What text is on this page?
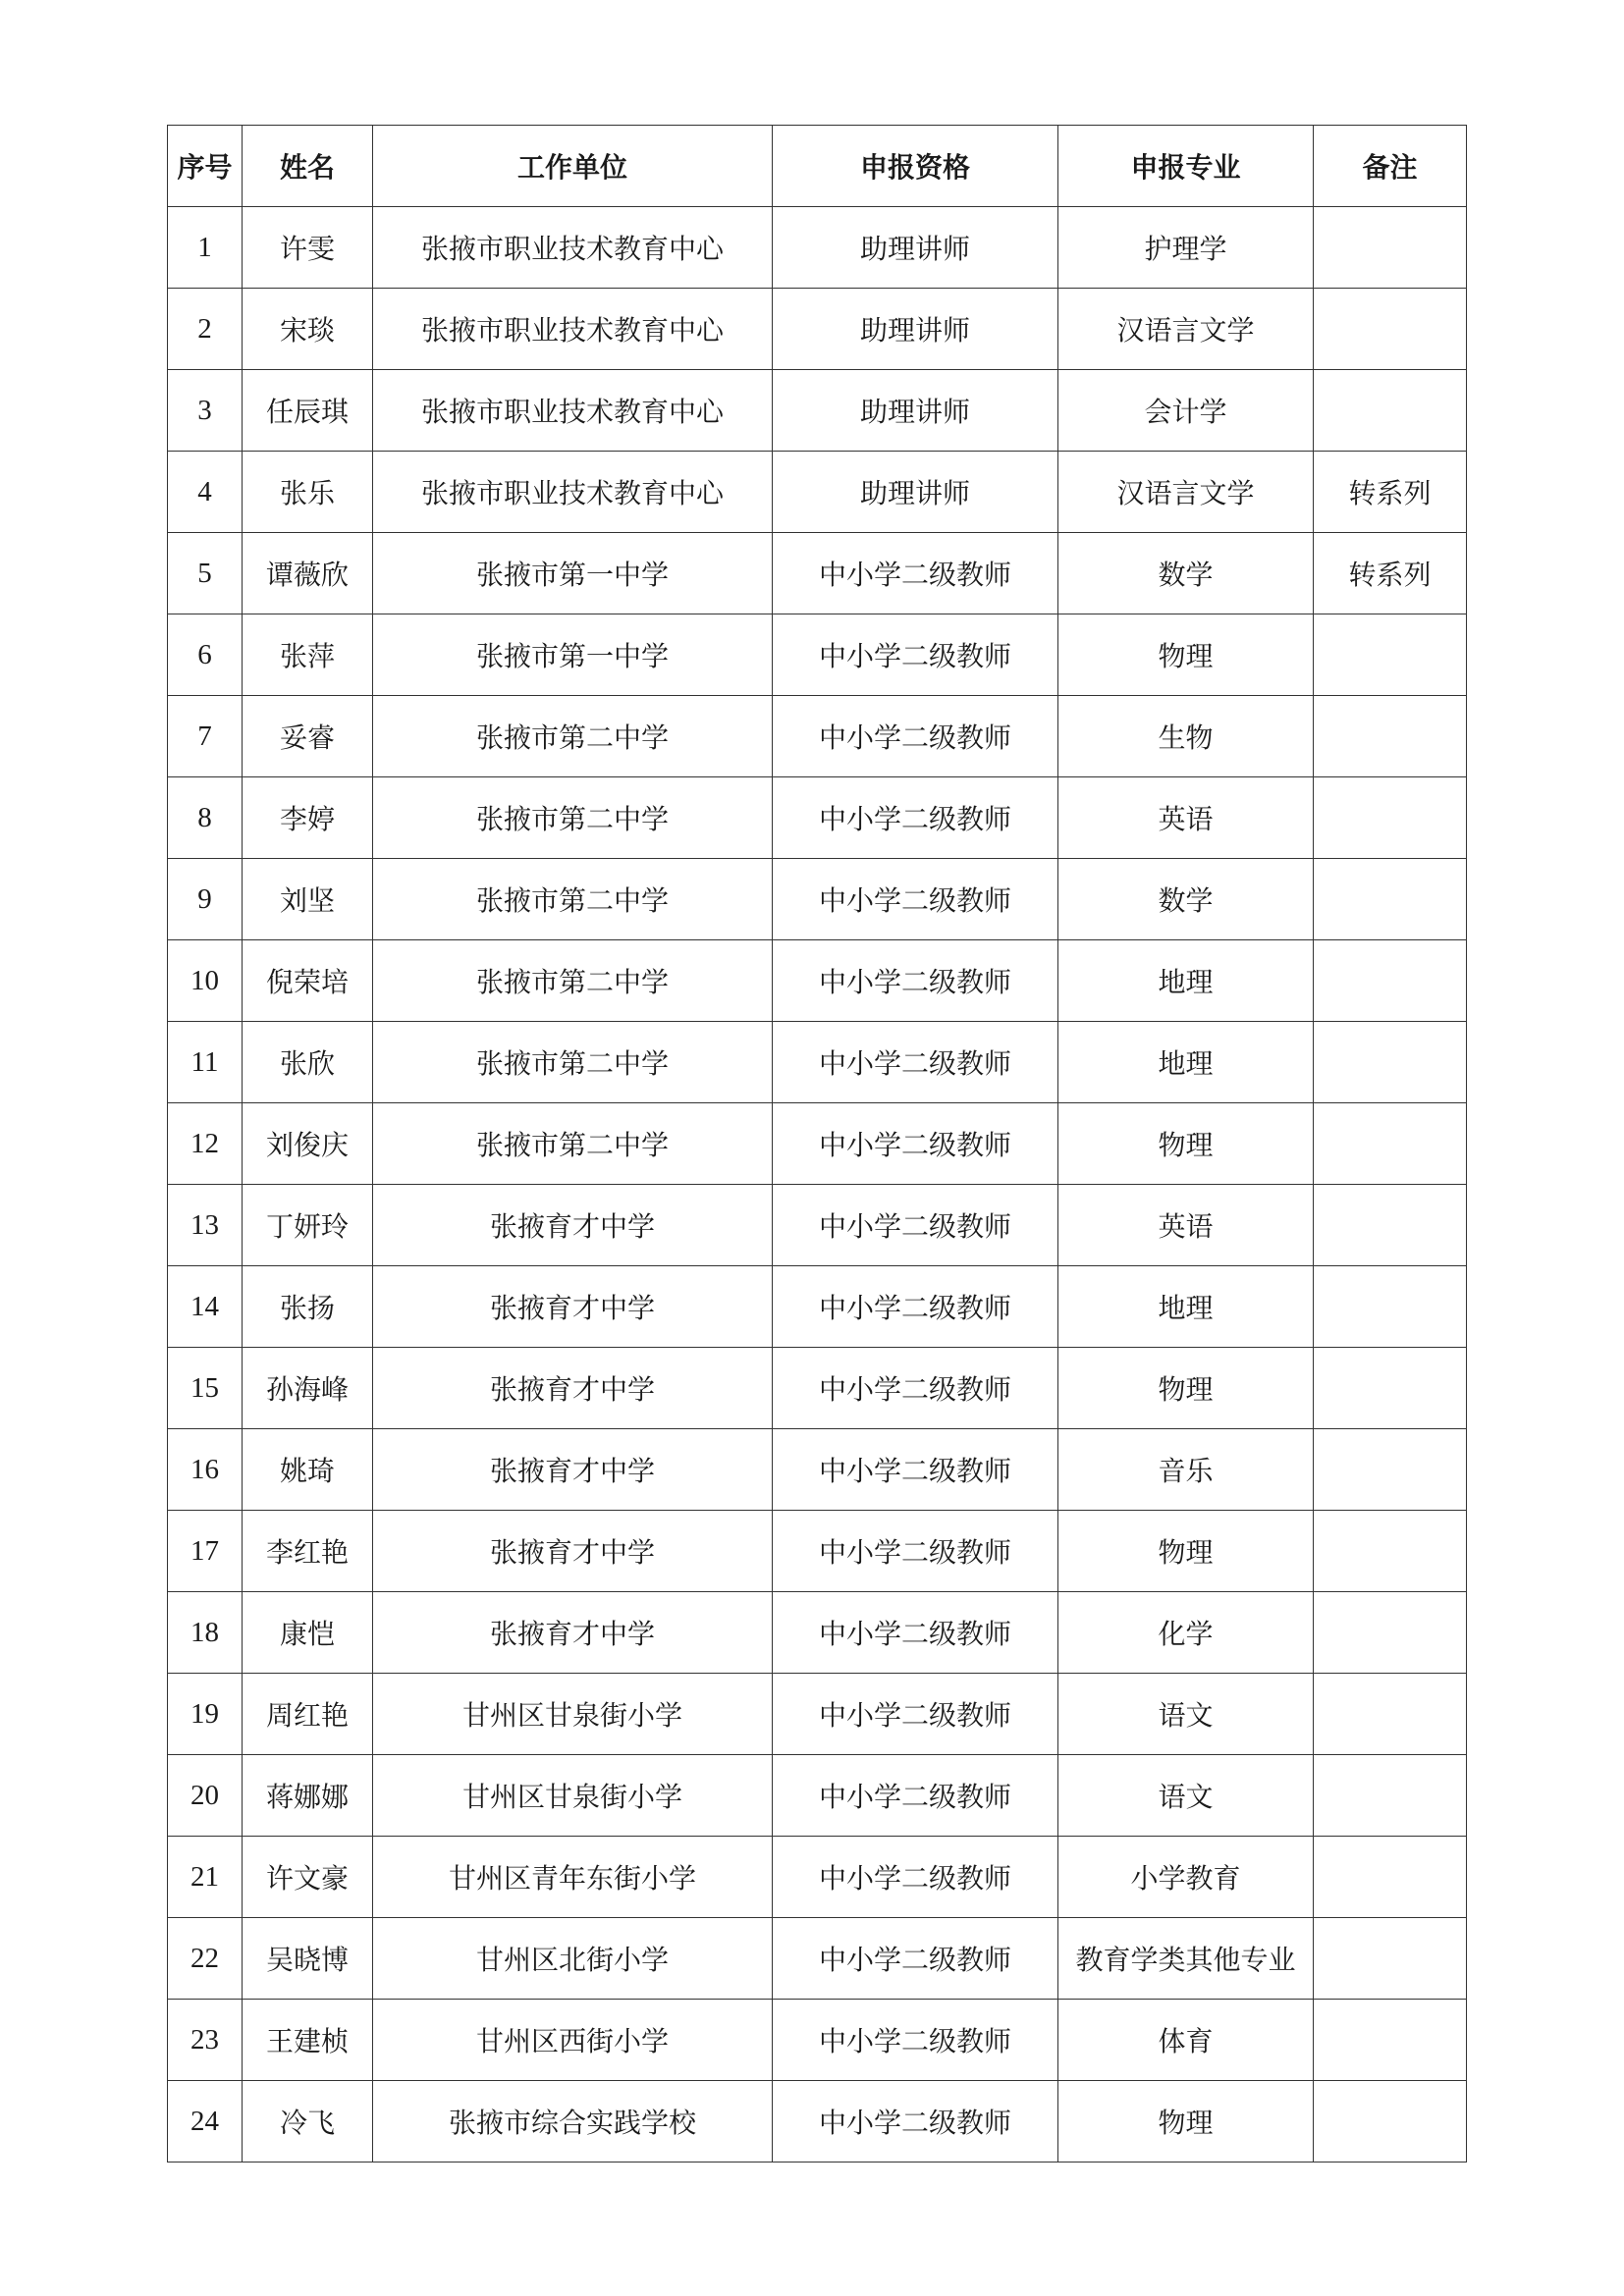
序号	姓名	工作单位	申报资格	申报专业	备注
1	许雯	张掖市职业技术教育中心	助理讲师	护理学	
2	宋琰	张掖市职业技术教育中心	助理讲师	汉语言文学	
3	任辰琪	张掖市职业技术教育中心	助理讲师	会计学	
4	张乐	张掖市职业技术教育中心	助理讲师	汉语言文学	转系列
5	谭薇欣	张掖市第一中学	中小学二级教师	数学	转系列
6	张萍	张掖市第一中学	中小学二级教师	物理	
7	妥睿	张掖市第二中学	中小学二级教师	生物	
8	李婷	张掖市第二中学	中小学二级教师	英语	
9	刘坚	张掖市第二中学	中小学二级教师	数学	
10	倪荣培	张掖市第二中学	中小学二级教师	地理	
11	张欣	张掖市第二中学	中小学二级教师	地理	
12	刘俊庆	张掖市第二中学	中小学二级教师	物理	
13	丁妍玲	张掖育才中学	中小学二级教师	英语	
14	张扬	张掖育才中学	中小学二级教师	地理	
15	孙海峰	张掖育才中学	中小学二级教师	物理	
16	姚琦	张掖育才中学	中小学二级教师	音乐	
17	李红艳	张掖育才中学	中小学二级教师	物理	
18	康恺	张掖育才中学	中小学二级教师	化学	
19	周红艳	甘州区甘泉街小学	中小学二级教师	语文	
20	蒋娜娜	甘州区甘泉街小学	中小学二级教师	语文	
21	许文豪	甘州区青年东街小学	中小学二级教师	小学教育	
22	吴晓博	甘州区北街小学	中小学二级教师	教育学类其他专业	
23	王建桢	甘州区西街小学	中小学二级教师	体育	
24	冷飞	张掖市综合实践学校	中小学二级教师	物理	
